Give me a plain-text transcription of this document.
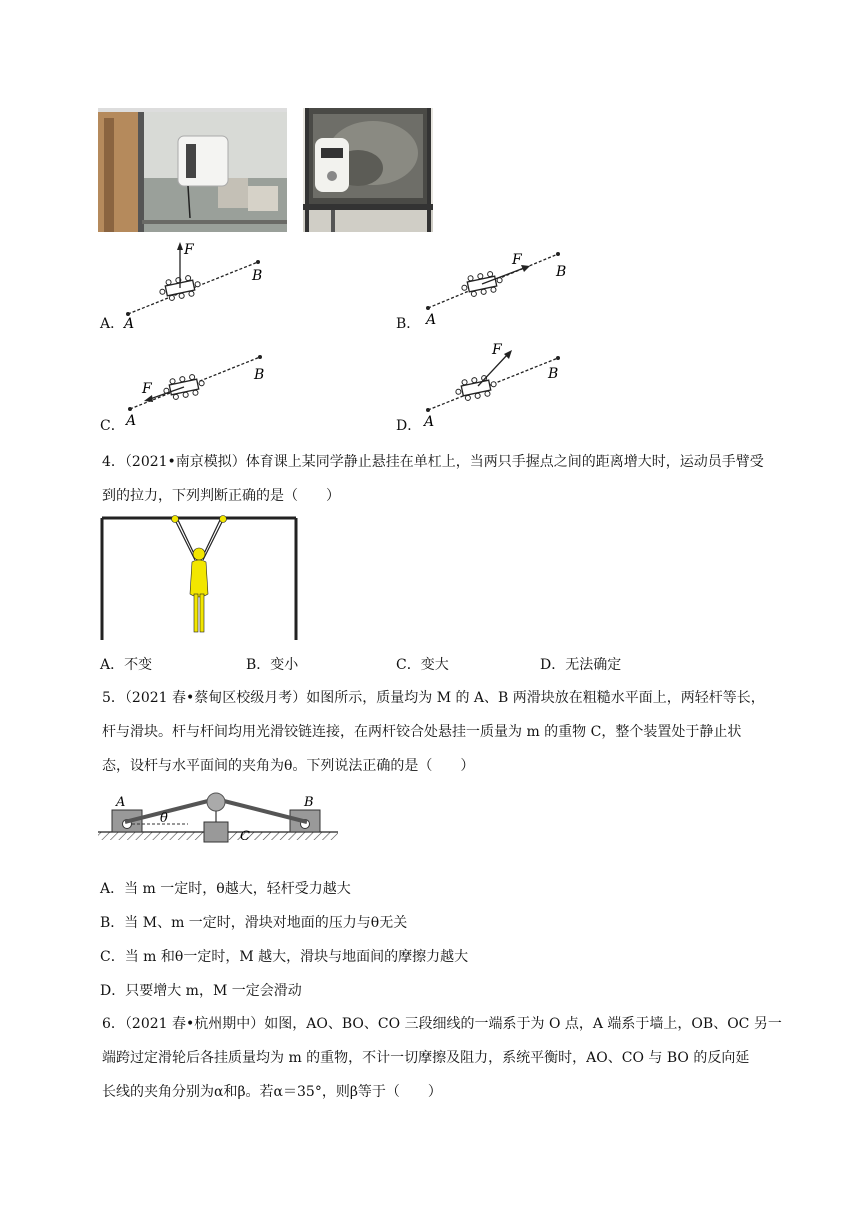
A．
F
A
B
B．
F
A
B
C．
F
A
B
D．
F
A
B
4．（2021•南京模拟）体育课上某同学静止悬挂在单杠上，当两只手握点之间的距离增大时，运动员手臂受
到的拉力，下列判断正确的是（　　）
A．不变	B．变小	C．变大	D．无法确定
5．（2021 春•蔡甸区校级月考）如图所示，质量均为 M 的 A、B 两滑块放在粗糙水平面上，两轻杆等长，
杆与滑块。杆与杆间均用光滑铰链连接，在两杆铰合处悬挂一质量为 m 的重物 C，整个装置处于静止状
态，设杆与水平面间的夹角为θ。下列说法正确的是（　　）
A	B
C
θ
A．当 m 一定时，θ越大，轻杆受力越大
B．当 M、m 一定时，滑块对地面的压力与θ无关
C．当 m 和θ一定时，M 越大，滑块与地面间的摩擦力越大
D．只要增大 m，M 一定会滑动
6．（2021 春•杭州期中）如图，AO、BO、CO 三段细线的一端系于为 O 点，A 端系于墙上，OB、OC 另一
端跨过定滑轮后各挂质量均为 m 的重物，不计一切摩擦及阻力，系统平衡时，AO、CO 与 BO 的反向延
长线的夹角分别为α和β。若α＝35°，则β等于（　　）
